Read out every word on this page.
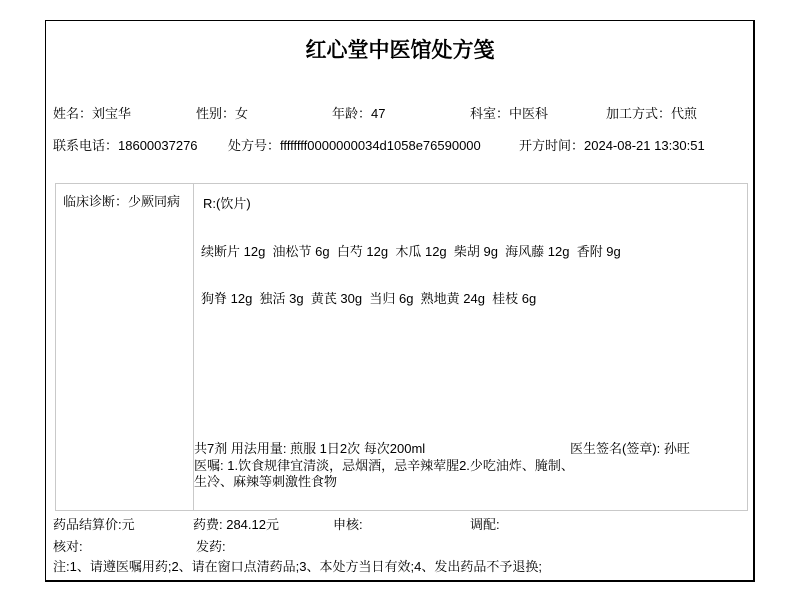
红心堂中医馆处方笺
姓名：刘宝华	性别：女	年龄：47	科室：中医科	加工方式：代煎
联系电话：18600037276 处方号：ffffffff0000000034d1058e76590000	开方时间：2024-08-21 13:30:51
临床诊断：少厥同病 R:(饮片)
续断片 12g  油松节 6g  白芍 12g  木瓜 12g  柴胡 9g  海风藤 12g  香附 9g
狗脊 12g  独活 3g  黄芪 30g  当归 6g  熟地黄 24g  桂枝 6g
共7剂 用法用量: 煎服 1日2次 每次200ml	医生签名(签章): 孙旺
医嘱: 1.饮食规律宜清淡，忌烟酒，忌辛辣荤腥2.少吃油炸、腌制、
生冷、麻辣等刺激性食物
药品结算价:元	药费: 284.12元	申核:	调配:
核对:	发药:
注:1、请遵医嘱用药;2、请在窗口点清药品;3、本处方当日有效;4、发出药品不予退换;
